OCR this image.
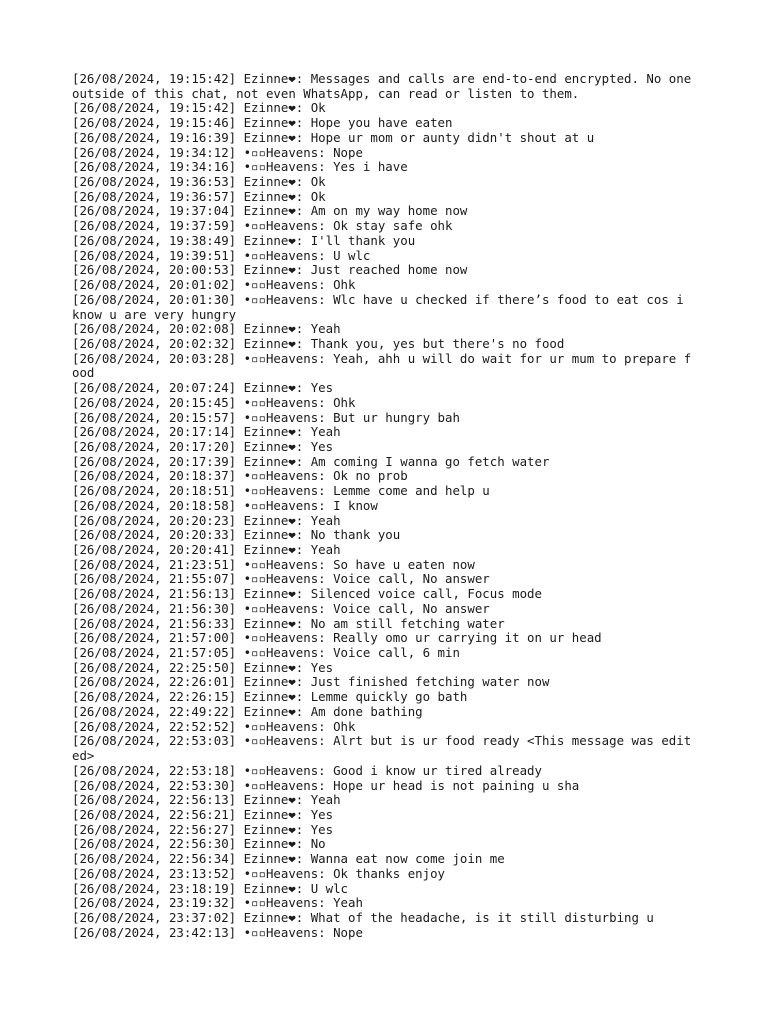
[26/08/2024, 19:15:42] Ezinne❤: Messages and calls are end-to-end encrypted. No one outside of this chat, not even WhatsApp, can read or listen to them.
[26/08/2024, 19:15:42] Ezinne❤: Ok
[26/08/2024, 19:15:46] Ezinne❤: Hope you have eaten
[26/08/2024, 19:16:39] Ezinne❤: Hope ur mom or aunty didn't shout at u
[26/08/2024, 19:34:12] •▫▫Heavens: Nope
[26/08/2024, 19:34:16] •▫▫Heavens: Yes i have
[26/08/2024, 19:36:53] Ezinne❤: Ok
[26/08/2024, 19:36:57] Ezinne❤: Ok
[26/08/2024, 19:37:04] Ezinne❤: Am on my way home now
[26/08/2024, 19:37:59] •▫▫Heavens: Ok stay safe ohk
[26/08/2024, 19:38:49] Ezinne❤: I'll thank you
[26/08/2024, 19:39:51] •▫▫Heavens: U wlc
[26/08/2024, 20:00:53] Ezinne❤: Just reached home now
[26/08/2024, 20:01:02] •▫▫Heavens: Ohk
[26/08/2024, 20:01:30] •▫▫Heavens: Wlc have u checked if there’s food to eat cos i know u are very hungry
[26/08/2024, 20:02:08] Ezinne❤: Yeah
[26/08/2024, 20:02:32] Ezinne❤: Thank you, yes but there's no food
[26/08/2024, 20:03:28] •▫▫Heavens: Yeah, ahh u will do wait for ur mum to prepare food
[26/08/2024, 20:07:24] Ezinne❤: Yes
[26/08/2024, 20:15:45] •▫▫Heavens: Ohk
[26/08/2024, 20:15:57] •▫▫Heavens: But ur hungry bah
[26/08/2024, 20:17:14] Ezinne❤: Yeah
[26/08/2024, 20:17:20] Ezinne❤: Yes
[26/08/2024, 20:17:39] Ezinne❤: Am coming I wanna go fetch water
[26/08/2024, 20:18:37] •▫▫Heavens: Ok no prob
[26/08/2024, 20:18:51] •▫▫Heavens: Lemme come and help u
[26/08/2024, 20:18:58] •▫▫Heavens: I know
[26/08/2024, 20:20:23] Ezinne❤: Yeah
[26/08/2024, 20:20:33] Ezinne❤: No thank you
[26/08/2024, 20:20:41] Ezinne❤: Yeah
[26/08/2024, 21:23:51] •▫▫Heavens: So have u eaten now
[26/08/2024, 21:55:07] •▫▫Heavens: Voice call, No answer
[26/08/2024, 21:56:13] Ezinne❤: Silenced voice call, Focus mode
[26/08/2024, 21:56:30] •▫▫Heavens: Voice call, No answer
[26/08/2024, 21:56:33] Ezinne❤: No am still fetching water
[26/08/2024, 21:57:00] •▫▫Heavens: Really omo ur carrying it on ur head
[26/08/2024, 21:57:05] •▫▫Heavens: Voice call, 6 min
[26/08/2024, 22:25:50] Ezinne❤: Yes
[26/08/2024, 22:26:01] Ezinne❤: Just finished fetching water now
[26/08/2024, 22:26:15] Ezinne❤: Lemme quickly go bath
[26/08/2024, 22:49:22] Ezinne❤: Am done bathing
[26/08/2024, 22:52:52] •▫▫Heavens: Ohk
[26/08/2024, 22:53:03] •▫▫Heavens: Alrt but is ur food ready <This message was edited>
[26/08/2024, 22:53:18] •▫▫Heavens: Good i know ur tired already
[26/08/2024, 22:53:30] •▫▫Heavens: Hope ur head is not paining u sha
[26/08/2024, 22:56:13] Ezinne❤: Yeah
[26/08/2024, 22:56:21] Ezinne❤: Yes
[26/08/2024, 22:56:27] Ezinne❤: Yes
[26/08/2024, 22:56:30] Ezinne❤: No
[26/08/2024, 22:56:34] Ezinne❤: Wanna eat now come join me
[26/08/2024, 23:13:52] •▫▫Heavens: Ok thanks enjoy
[26/08/2024, 23:18:19] Ezinne❤: U wlc
[26/08/2024, 23:19:32] •▫▫Heavens: Yeah
[26/08/2024, 23:37:02] Ezinne❤: What of the headache, is it still disturbing u
[26/08/2024, 23:42:13] •▫▫Heavens: Nope
